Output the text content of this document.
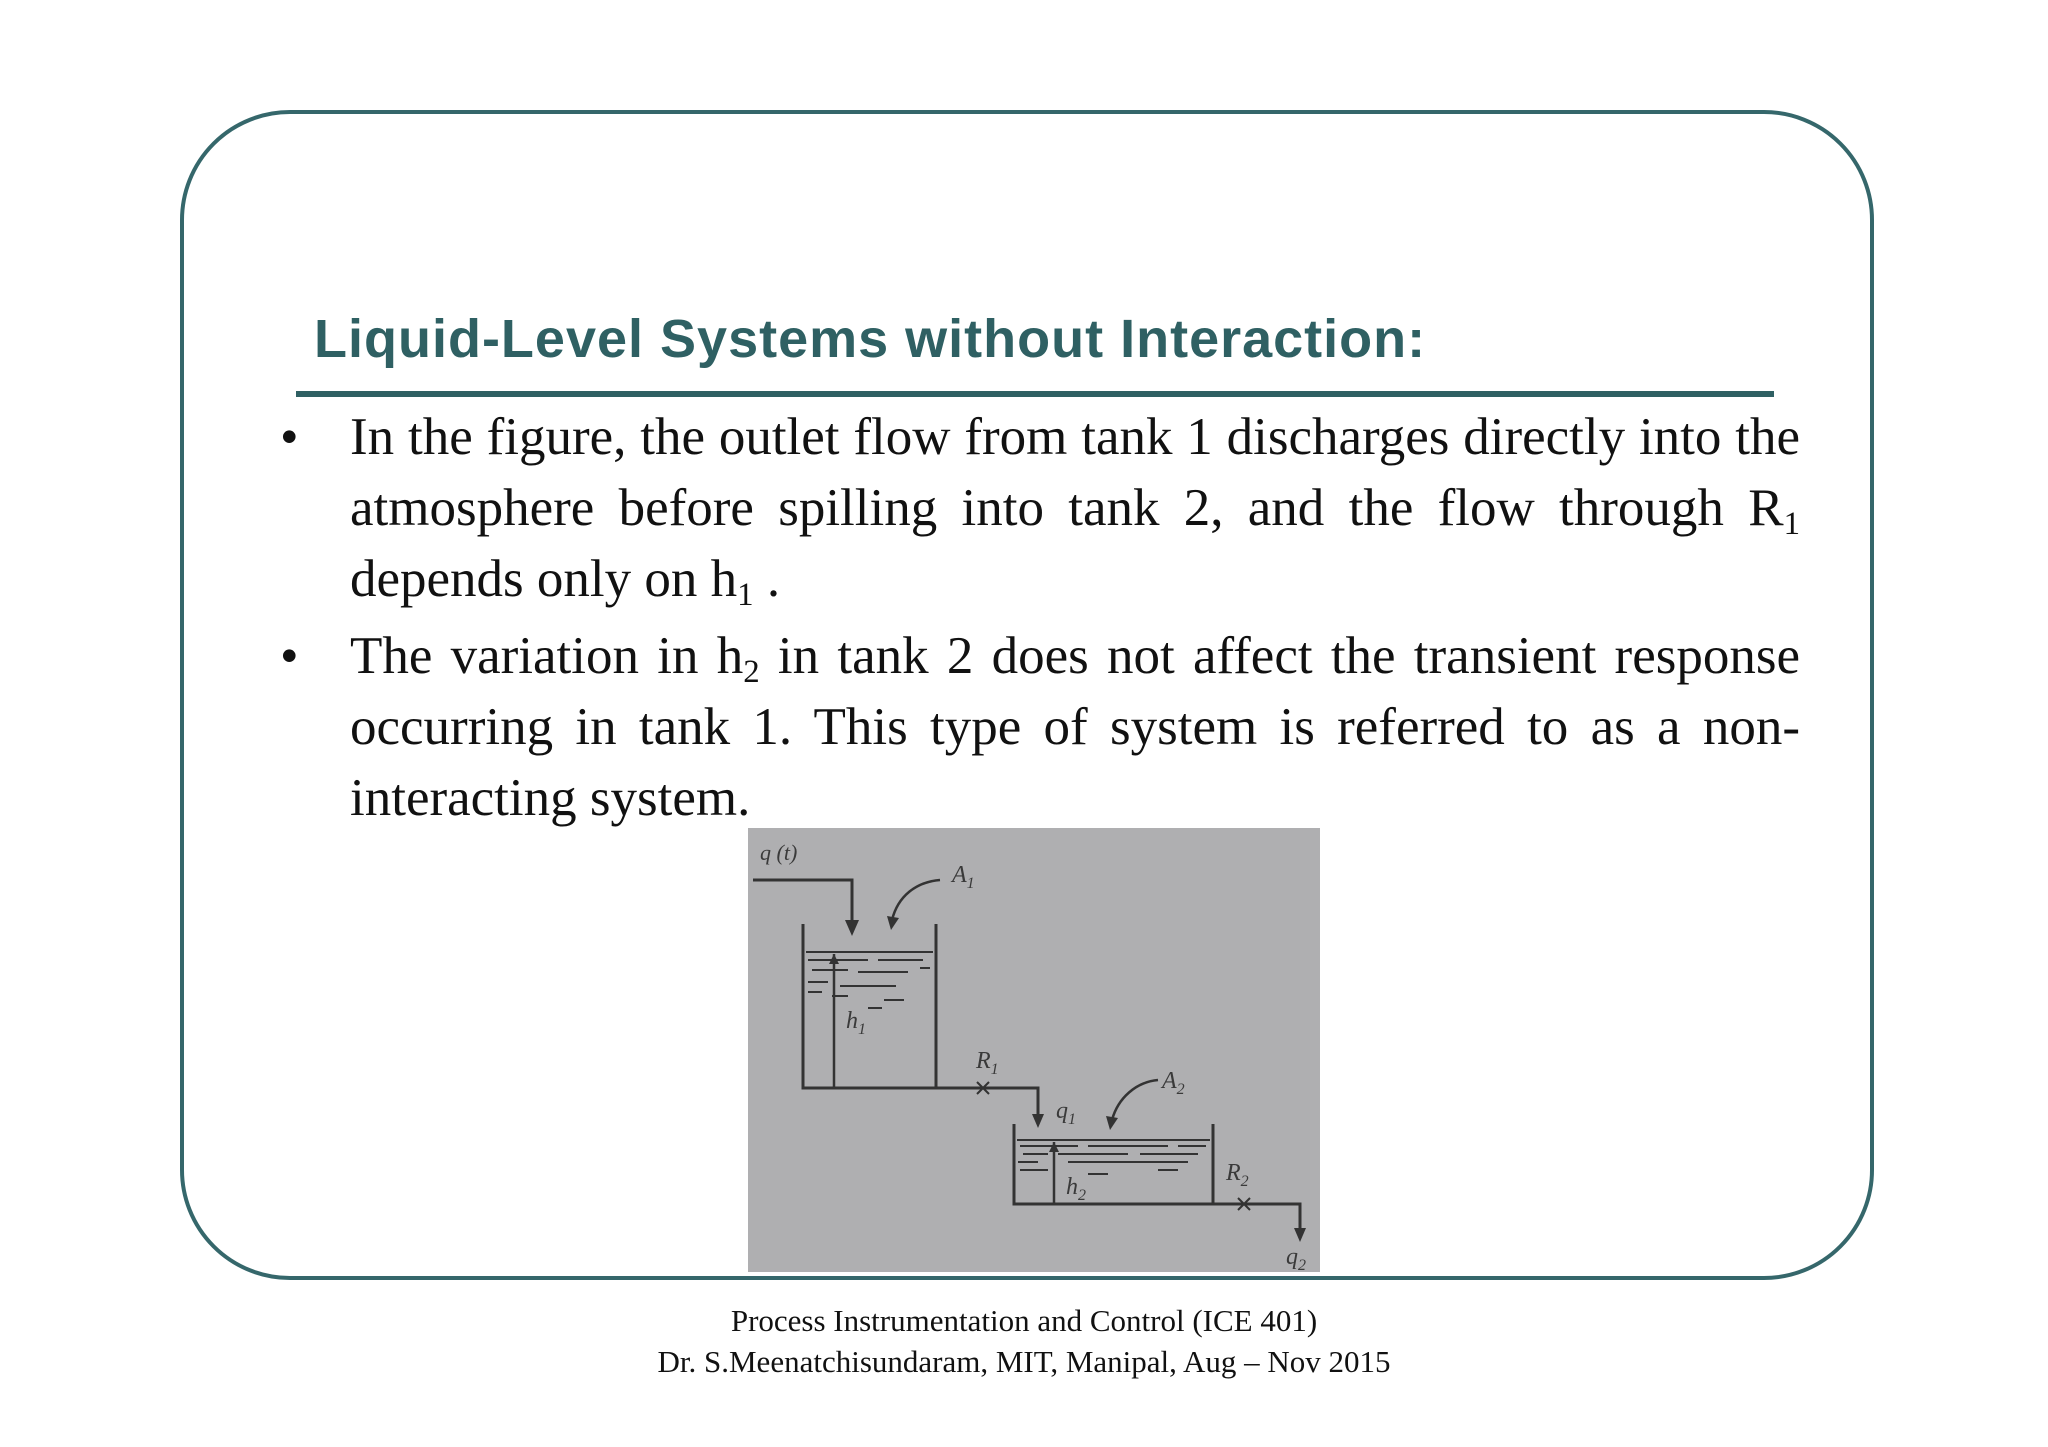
Liquid-Level Systems without Interaction:
• In the figure, the outlet flow from tank 1 discharges directly into the atmosphere before spilling into tank 2, and the flow through $R_1$ depends only on $h_1$ .
• The variation in $h_2$ in tank 2 does not affect the transient response occurring in tank 1. This type of system is referred to as a non-interacting system.
q (t)
$A_1$
$h_1$
$R_1$
$q_1$
$A_2$
$h_2$
$R_2$
$q_2$
Process Instrumentation and Control (ICE 401)
Dr. S.Meenatchisundaram, MIT, Manipal, Aug – Nov 2015
